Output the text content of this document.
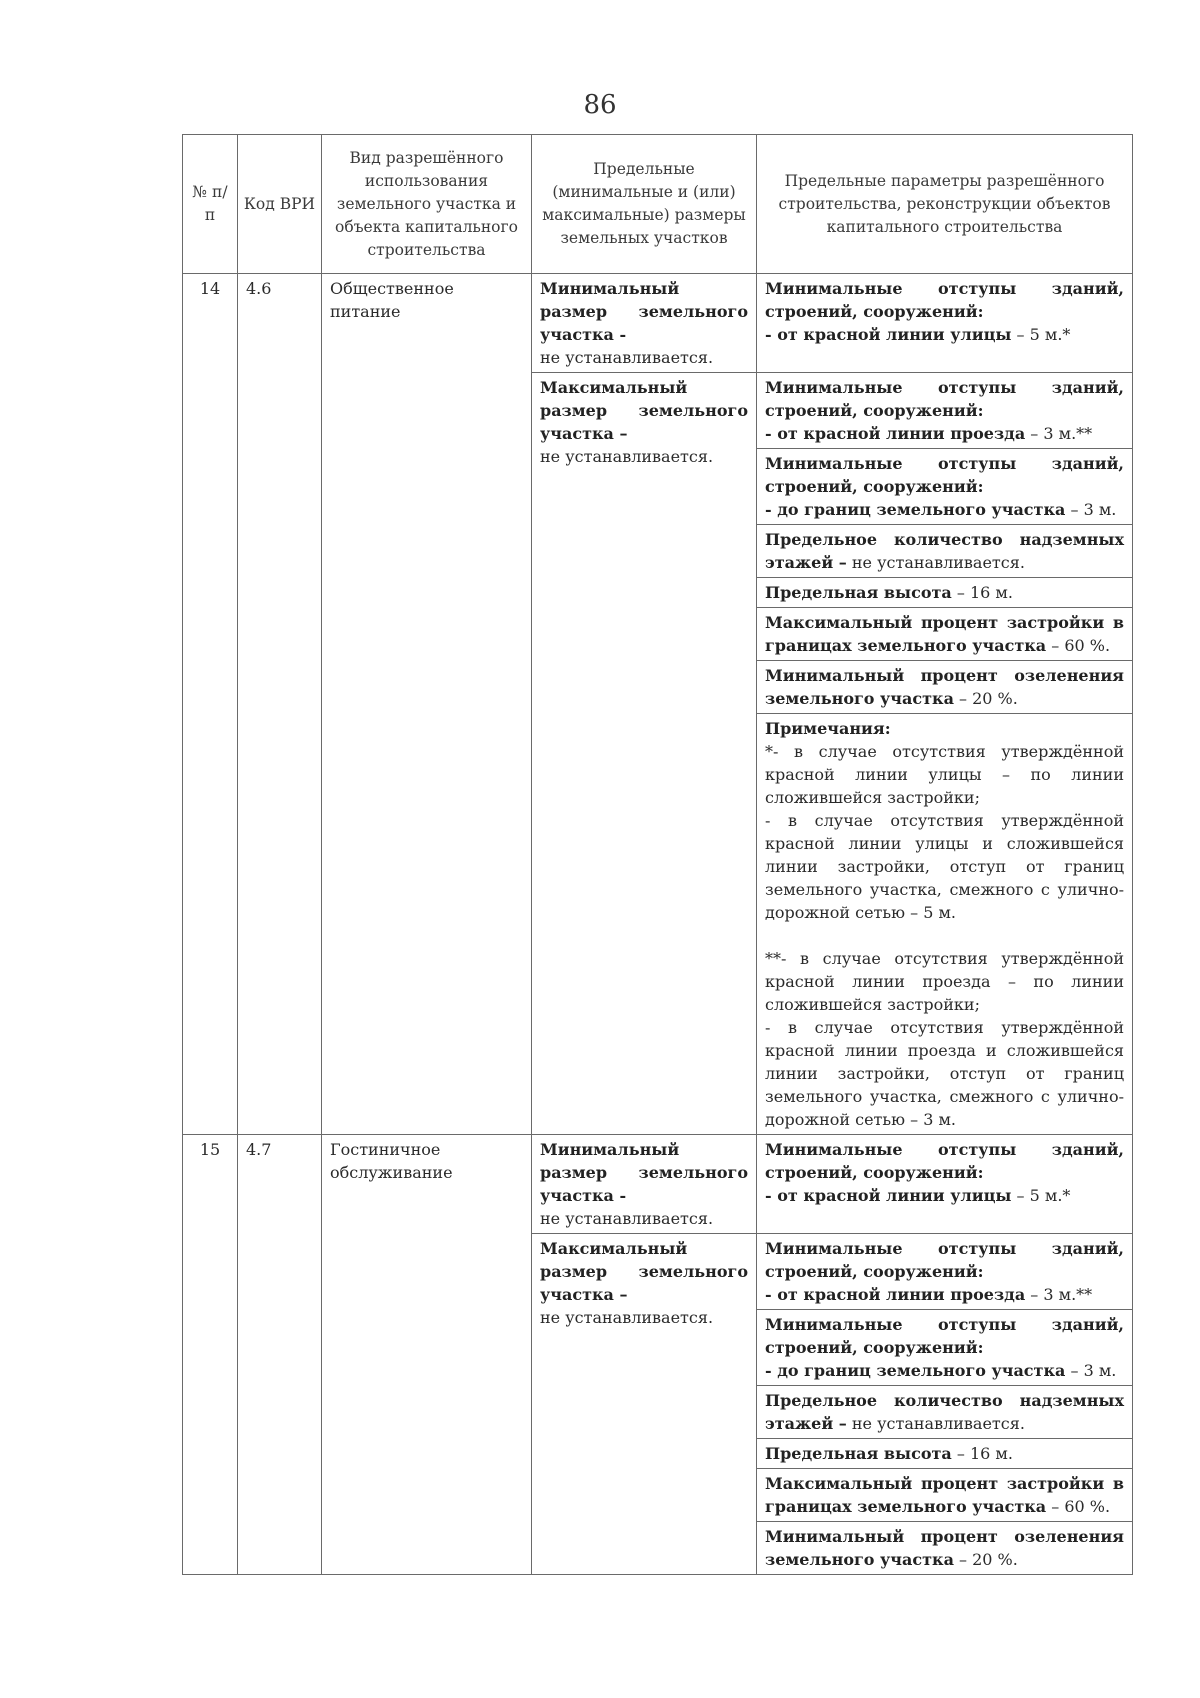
86
№ п/п	Код ВРИ	Вид разрешённого использования земельного участка и объекта капитального строительства	Предельные (минимальные и (или) максимальные) размеры земельных участков	Предельные параметры разрешённого строительства, реконструкции объектов капитального строительства
14	4.6	Общественное питание	Минимальный размер земельного участка -
не устанавливается.	Минимальные отступы зданий, строений, сооружений:
- от красной линии улицы – 5 м.*
			Максимальный размер земельного участка –
не устанавливается.	Минимальные отступы зданий, строений, сооружений:
- от красной линии проезда – 3 м.**
				Минимальные отступы зданий, строений, сооружений:
- до границ земельного участка – 3 м.
				Предельное количество надземных этажей – не устанавливается.
				Предельная высота – 16 м.
				Максимальный процент застройки в границах земельного участка – 60 %.
				Минимальный процент озеленения земельного участка – 20 %.
				Примечания:
*- в случае отсутствия утверждённой красной линии улицы – по линии сложившейся застройки;
- в случае отсутствия утверждённой красной линии улицы и сложившейся линии застройки, отступ от границ земельного участка, смежного с улично-дорожной сетью – 5 м.
**- в случае отсутствия утверждённой красной линии проезда – по линии сложившейся застройки;
- в случае отсутствия утверждённой красной линии проезда и сложившейся линии застройки, отступ от границ земельного участка, смежного с улично-дорожной сетью – 3 м.

15	4.7	Гостиничное обслуживание	Минимальный размер земельного участка -
не устанавливается.	Минимальные отступы зданий, строений, сооружений:
- от красной линии улицы – 5 м.*
			Максимальный размер земельного участка –
не устанавливается.	Минимальные отступы зданий, строений, сооружений:
- от красной линии проезда – 3 м.**
				Минимальные отступы зданий, строений, сооружений:
- до границ земельного участка – 3 м.
				Предельное количество надземных этажей – не устанавливается.
				Предельная высота – 16 м.
				Максимальный процент застройки в границах земельного участка – 60 %.
				Минимальный процент озеленения земельного участка – 20 %.
